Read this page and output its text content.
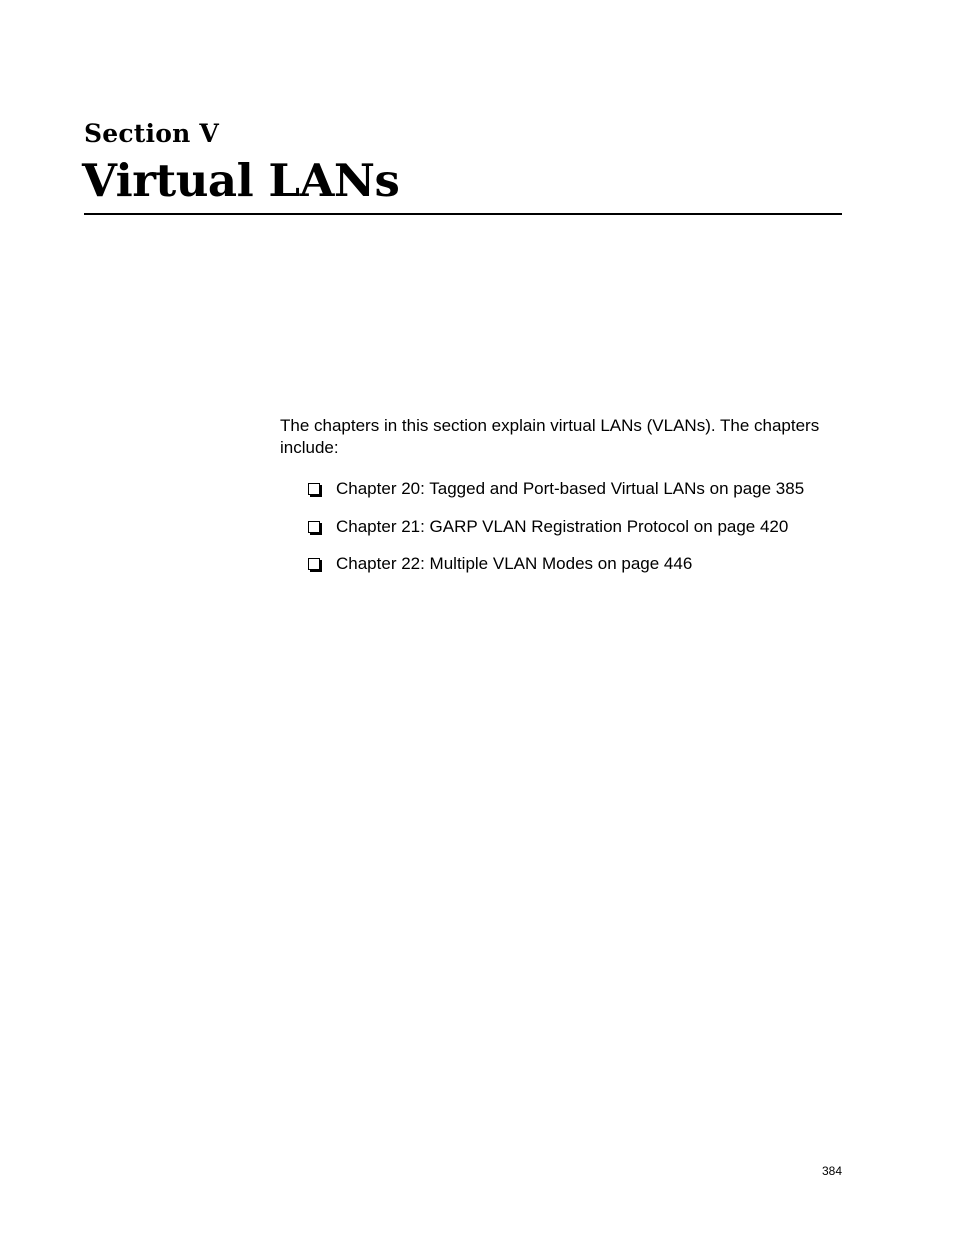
Section V
Virtual LANs

The chapters in this section explain virtual LANs (VLANs). The chapters include:

Chapter 20: Tagged and Port-based Virtual LANs on page 385
Chapter 21: GARP VLAN Registration Protocol on page 420
Chapter 22: Multiple VLAN Modes on page 446

384
